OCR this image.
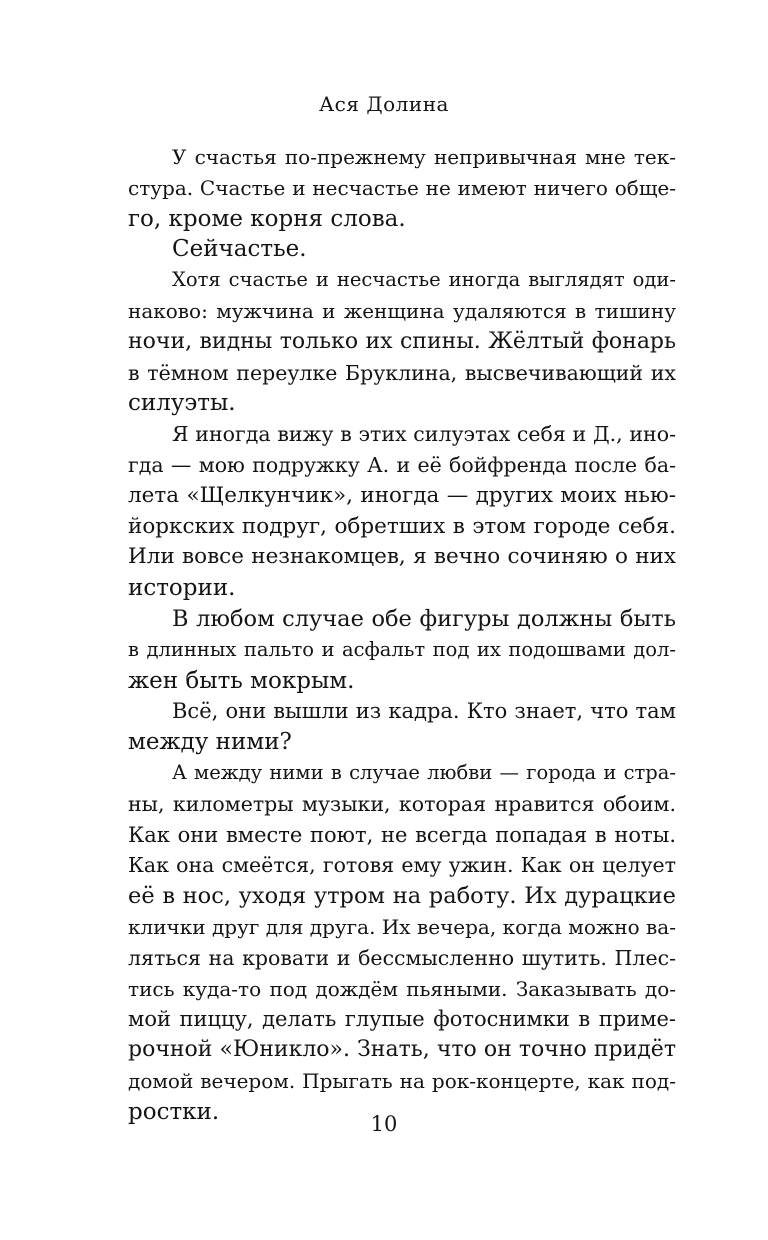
Ася Долина
У счастья по-прежнему непривычная мне тек-
стура. Счастье и несчастье не имеют ничего обще-
го, кроме корня слова.
Сейчастье.
Хотя счастье и несчастье иногда выглядят оди-
наково: мужчина и женщина удаляются в тишину
ночи, видны только их спины. Жёлтый фонарь
в тёмном переулке Бруклина, высвечивающий их
силуэты.
Я иногда вижу в этих силуэтах себя и Д., ино-
гда — мою подружку А. и её бойфренда после ба-
лета «Щелкунчик», иногда — других моих нью-
йоркских подруг, обретших в этом городе себя.
Или вовсе незнакомцев, я вечно сочиняю о них
истории.
В любом случае обе фигуры должны быть
в длинных пальто и асфальт под их подошвами дол-
жен быть мокрым.
Всё, они вышли из кадра. Кто знает, что там
между ними?
А между ними в случае любви — города и стра-
ны, километры музыки, которая нравится обоим.
Как они вместе поют, не всегда попадая в ноты.
Как она смеётся, готовя ему ужин. Как он целует
её в нос, уходя утром на работу. Их дурацкие
клички друг для друга. Их вечера, когда можно ва-
ляться на кровати и бессмысленно шутить. Плес-
тись куда-то под дождём пьяными. Заказывать до-
мой пиццу, делать глупые фотоснимки в приме-
рочной «Юникло». Знать, что он точно придёт
домой вечером. Прыгать на рок-концерте, как под-
ростки.	10
